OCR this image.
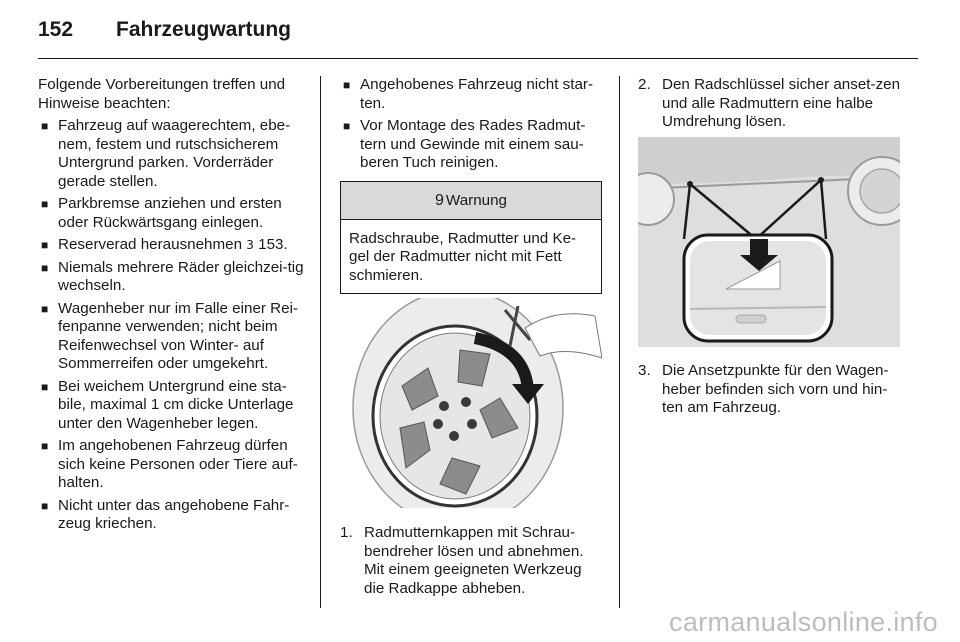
152 Fahrzeugwartung

Folgende Vorbereitungen treffen und Hinweise beachten:

■ Fahrzeug auf waagerechtem, ebe-nem, festem und rutschsicherem Untergrund parken. Vorderräder gerade stellen.
■ Parkbremse anziehen und ersten oder Rückwärtsgang einlegen.
■ Reserverad herausnehmen 3 153.
■ Niemals mehrere Räder gleichzei-tig wechseln.
■ Wagenheber nur im Falle einer Rei-fenpanne verwenden; nicht beim Reifenwechsel von Winter- auf Sommerreifen oder umgekehrt.
■ Bei weichem Untergrund eine sta-bile, maximal 1 cm dicke Unterlage unter den Wagenheber legen.
■ Im angehobenen Fahrzeug dürfen sich keine Personen oder Tiere auf-halten.
■ Nicht unter das angehobene Fahr-zeug kriechen.
■ Angehobenes Fahrzeug nicht star-ten.
■ Vor Montage des Rades Radmut-tern und Gewinde mit einem sau-beren Tuch reinigen.
9 Warnung
Radschraube, Radmutter und Ke-gel der Radmutter nicht mit Fett schmieren.
1. Radmutternkappen mit Schrau-bendreher lösen und abnehmen. Mit einem geeigneten Werkzeug die Radkappe abheben.
2. Den Radschlüssel sicher anset-zen und alle Radmuttern eine halbe Umdrehung lösen.
3. Die Ansetzpunkte für den Wagen-heber befinden sich vorn und hin-ten am Fahrzeug.
carmanualsonline.info
